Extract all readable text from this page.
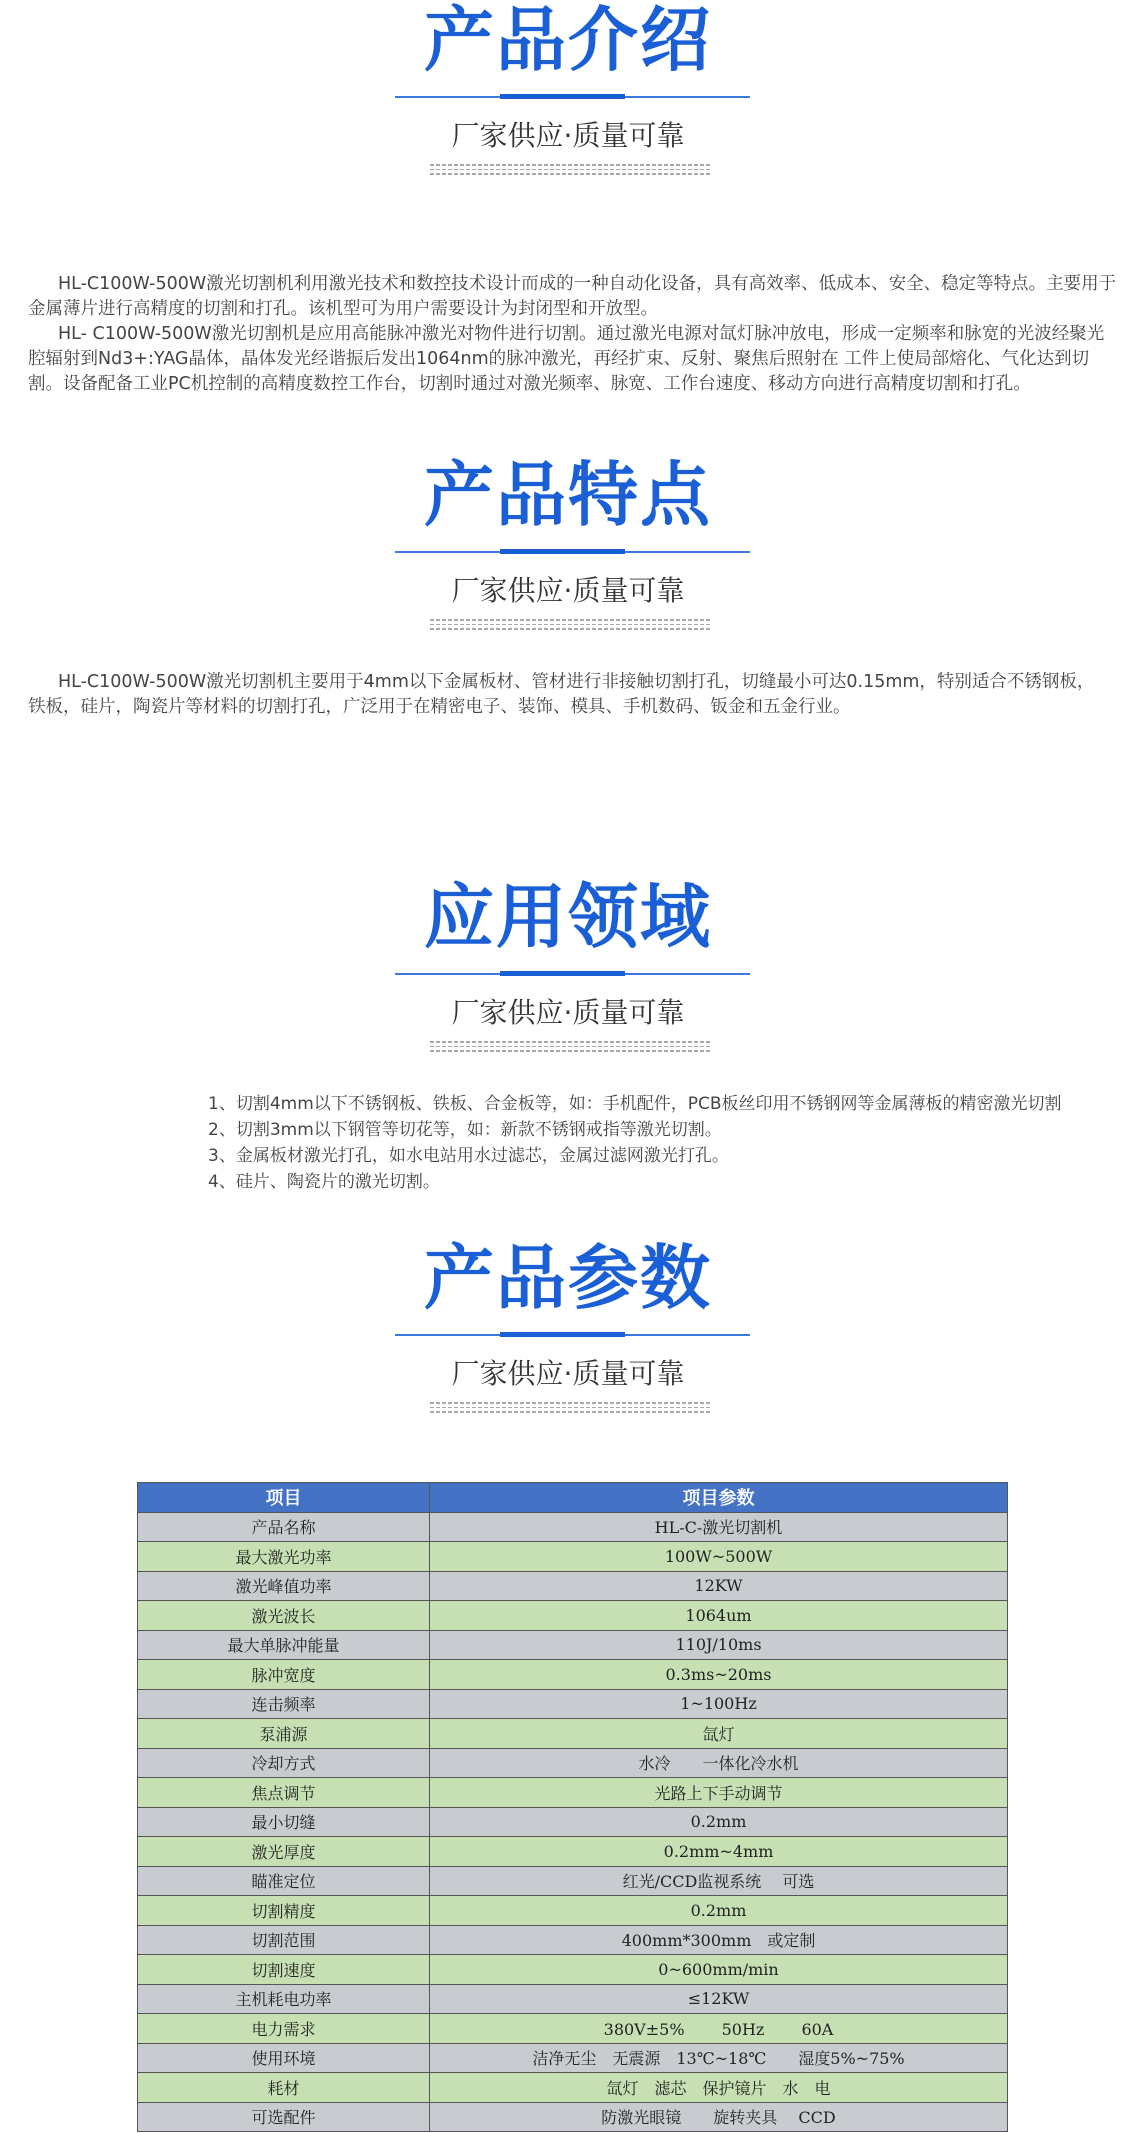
产品介绍
厂家供应·质量可靠
HL-C100W-500W激光切割机利用激光技术和数控技术设计而成的一种自动化设备，具有高效率、低成本、安全、稳定等特点。主要用于金属薄片进行高精度的切割和打孔。该机型可为用户需要设计为封闭型和开放型。
HL- C100W-500W激光切割机是应用高能脉冲激光对物件进行切割。通过激光电源对氙灯脉冲放电，形成一定频率和脉宽的光波经聚光腔辐射到Nd3+:YAG晶体，晶体发光经谐振后发出1064nm的脉冲激光，再经扩束、反射、聚焦后照射在 工件上使局部熔化、气化达到切割。设备配备工业PC机控制的高精度数控工作台，切割时通过对激光频率、脉宽、工作台速度、移动方向进行高精度切割和打孔。
产品特点
厂家供应·质量可靠
HL-C100W-500W激光切割机主要用于4mm以下金属板材、管材进行非接触切割打孔，切缝最小可达0.15mm，特别适合不锈钢板，铁板，硅片，陶瓷片等材料的切割打孔，广泛用于在精密电子、装饰、模具、手机数码、钣金和五金行业。
应用领域
厂家供应·质量可靠
1、切割4mm以下不锈钢板、铁板、合金板等，如：手机配件，PCB板丝印用不锈钢网等金属薄板的精密激光切割
2、切割3mm以下钢管等切花等，如：新款不锈钢戒指等激光切割。
3、金属板材激光打孔，如水电站用水过滤芯，金属过滤网激光打孔。
4、硅片、陶瓷片的激光切割。
产品参数
厂家供应·质量可靠
项目	项目参数
产品名称	HL-C-激光切割机
最大激光功率	100W~500W
激光峰值功率	12KW
激光波长	1064um
最大单脉冲能量	110J/10ms
脉冲宽度	0.3ms~20ms
连击频率	1~100Hz
泵浦源	氙灯
冷却方式	水冷　　一体化冷水机
焦点调节	光路上下手动调节
最小切缝	0.2mm
激光厚度	0.2mm~4mm
瞄准定位	红光/CCD监视系统　 可选
切割精度	0.2mm
切割范围	400mm*300mm　或定制
切割速度	0~600mm/min
主机耗电功率	≤12KW
电力需求	380V±5%　　 50Hz　　 60A
使用环境	洁净无尘　无震源　13℃~18℃　　湿度5%~75%
耗材	氙灯　滤芯　保护镜片　水　电
可选配件	防激光眼镜　　旋转夹具　 CCD
